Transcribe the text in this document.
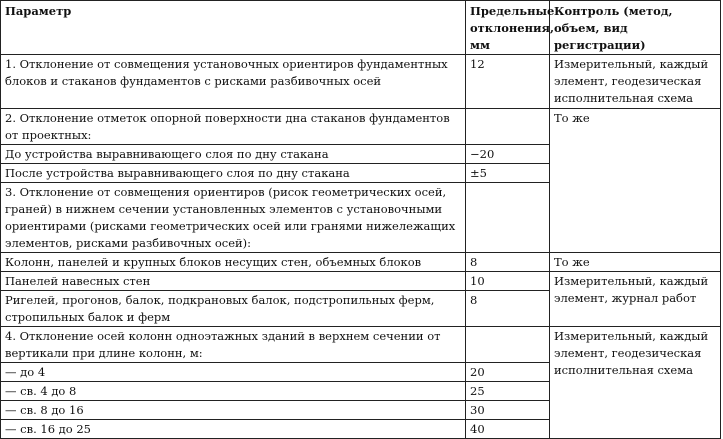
Параметр	Предельные отклонения, мм	Контроль (метод, объем, вид регистрации)
1. Отклонение от совмещения установочных ориентиров фундаментных блоков и стаканов фундаментов с рисками разбивочных осей	12	Измерительный, каждый элемент, геодезическая исполнительная схема
2. Отклонение отметок опорной поверхности дна стаканов фундаментов от проектных:		То же
До устройства выравнивающего слоя по дну стакана	−20	
После устройства выравнивающего слоя по дну стакана	±5	
3. Отклонение от совмещения ориентиров (рисок геометрических осей, граней) в нижнем сечении установленных элементов с установочными ориентирами (рисками геометрических осей или гранями нижележащих элементов, рисками разбивочных осей):		
Колонн, панелей и крупных блоков несущих стен, объемных блоков	8	То же
Панелей навесных стен	10	Измерительный, каждый элемент, журнал работ
Ригелей, прогонов, балок, подкрановых балок, подстропильных ферм, стропильных балок и ферм	8	
4. Отклонение осей колонн одноэтажных зданий в верхнем сечении от вертикали при длине колонн, м:		Измерительный, каждый элемент, геодезическая исполнительная схема
— до 4	20	
— св. 4 до 8	25	
— св. 8 до 16	30	
— св. 16 до 25	40	
